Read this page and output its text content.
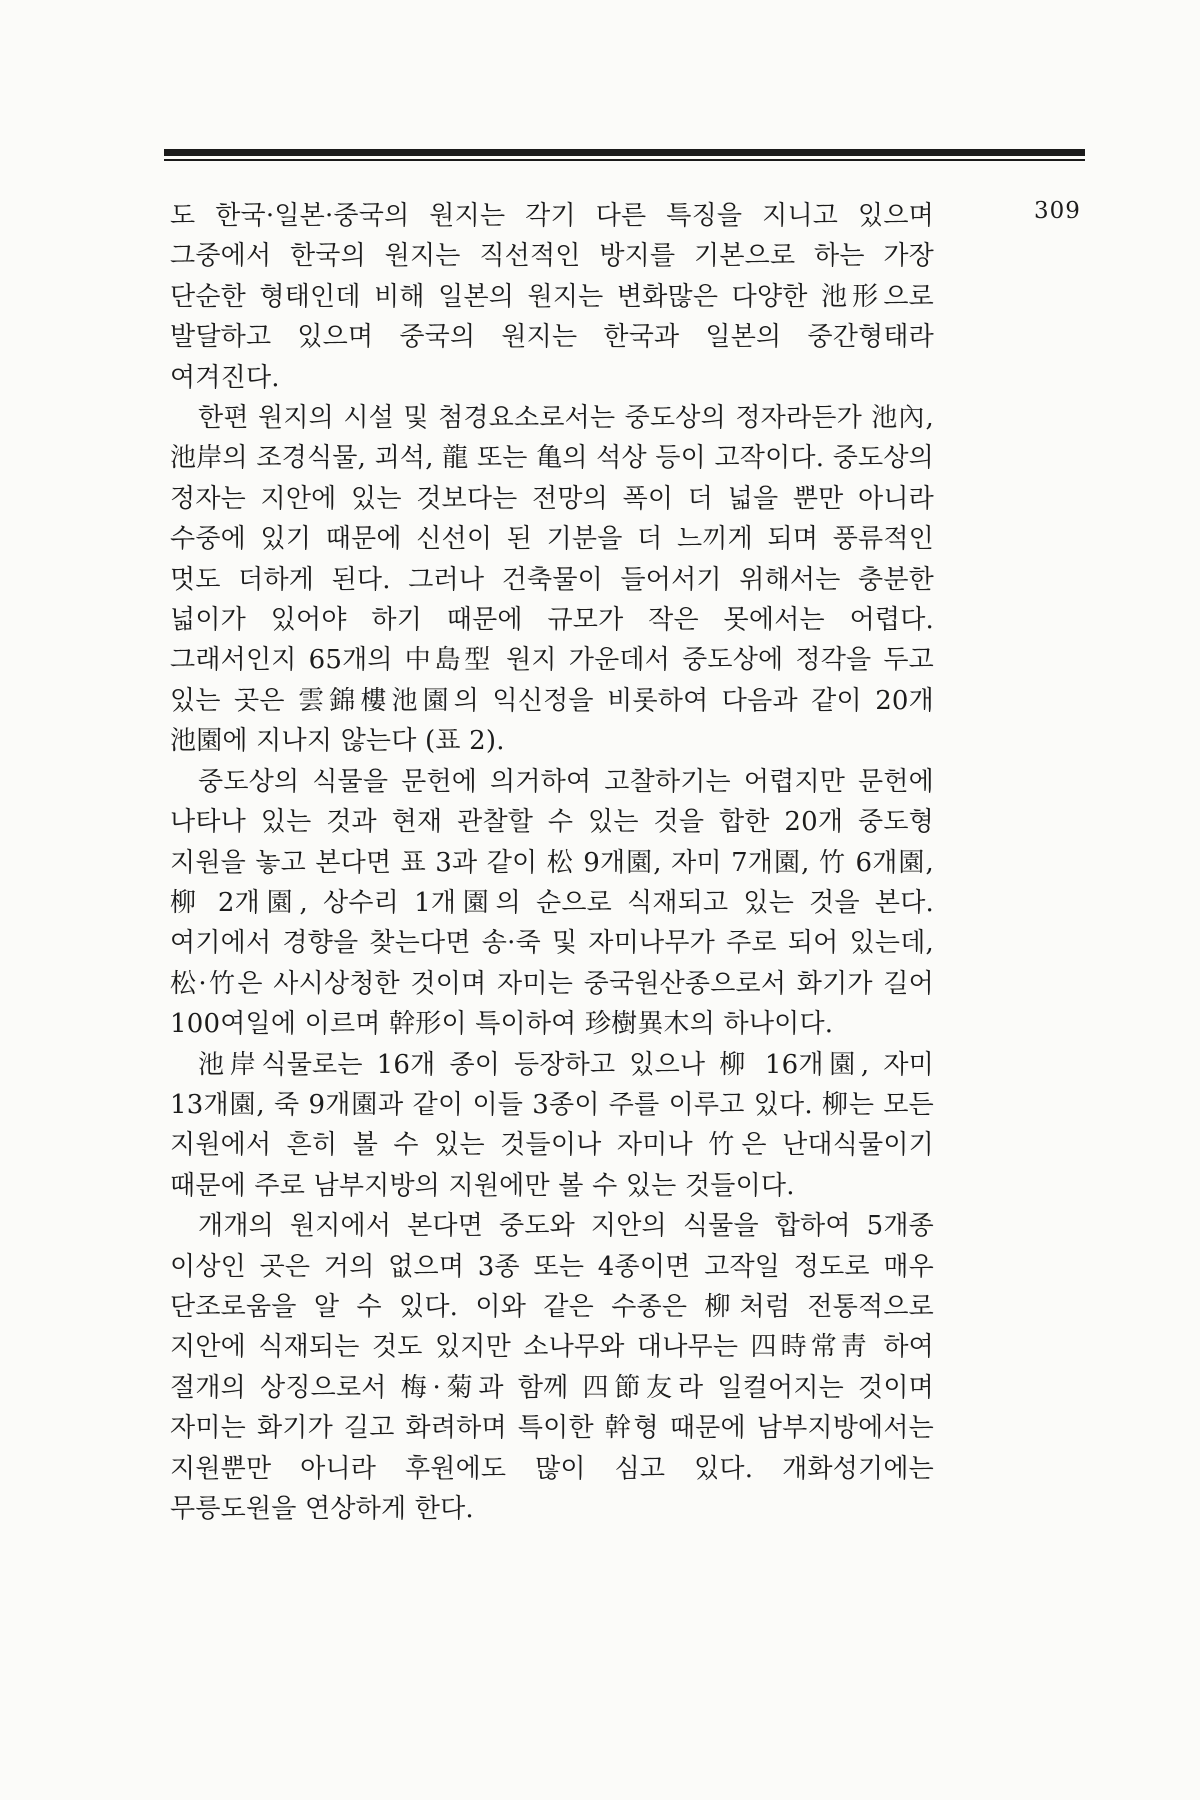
309

도 한국·일본·중국의 원지는 각기 다른 특징을 지니고 있으며 그중에서 한국의 원지는 직선적인 방지를 기본으로 하는 가장 단순한 형태인데 비해 일본의 원지는 변화많은 다양한 池形으로 발달하고 있으며 중국의 원지는 한국과 일본의 중간형태라 여겨진다.

한편 원지의 시설 및 첨경요소로서는 중도상의 정자라든가 池內, 池岸의 조경식물, 괴석, 龍 또는 亀의 석상 등이 고작이다. 중도상의 정자는 지안에 있는 것보다는 전망의 폭이 더 넓을 뿐만 아니라 수중에 있기 때문에 신선이 된 기분을 더 느끼게 되며 풍류적인 멋도 더하게 된다. 그러나 건축물이 들어서기 위해서는 충분한 넓이가 있어야 하기 때문에 규모가 작은 못에서는 어렵다. 그래서인지 65개의 中島型 원지 가운데서 중도상에 정각을 두고 있는 곳은 雲錦樓池園의 익신정을 비롯하여 다음과 같이 20개 池園에 지나지 않는다 (표 2).

중도상의 식물을 문헌에 의거하여 고찰하기는 어렵지만 문헌에 나타나 있는 것과 현재 관찰할 수 있는 것을 합한 20개 중도형 지원을 놓고 본다면 표 3과 같이 松 9개園, 자미 7개園, 竹 6개園, 柳 2개園, 상수리 1개園의 순으로 식재되고 있는 것을 본다. 여기에서 경향을 찾는다면 송·죽 및 자미나무가 주로 되어 있는데, 松·竹은 사시상청한 것이며 자미는 중국원산종으로서 화기가 길어 100여일에 이르며 幹形이 특이하여 珍樹異木의 하나이다.

池岸식물로는 16개 종이 등장하고 있으나 柳 16개園, 자미 13개園, 죽 9개園과 같이 이들 3종이 주를 이루고 있다. 柳는 모든 지원에서 흔히 볼 수 있는 것들이나 자미나 竹은 난대식물이기 때문에 주로 남부지방의 지원에만 볼 수 있는 것들이다.

개개의 원지에서 본다면 중도와 지안의 식물을 합하여 5개종 이상인 곳은 거의 없으며 3종 또는 4종이면 고작일 정도로 매우 단조로움을 알 수 있다. 이와 같은 수종은 柳처럼 전통적으로 지안에 식재되는 것도 있지만 소나무와 대나무는 四時常靑 하여 절개의 상징으로서 梅·菊과 함께 四節友라 일컬어지는 것이며 자미는 화기가 길고 화려하며 특이한 幹형 때문에 남부지방에서는 지원뿐만 아니라 후원에도 많이 심고 있다. 개화성기에는 무릉도원을 연상하게 한다.
